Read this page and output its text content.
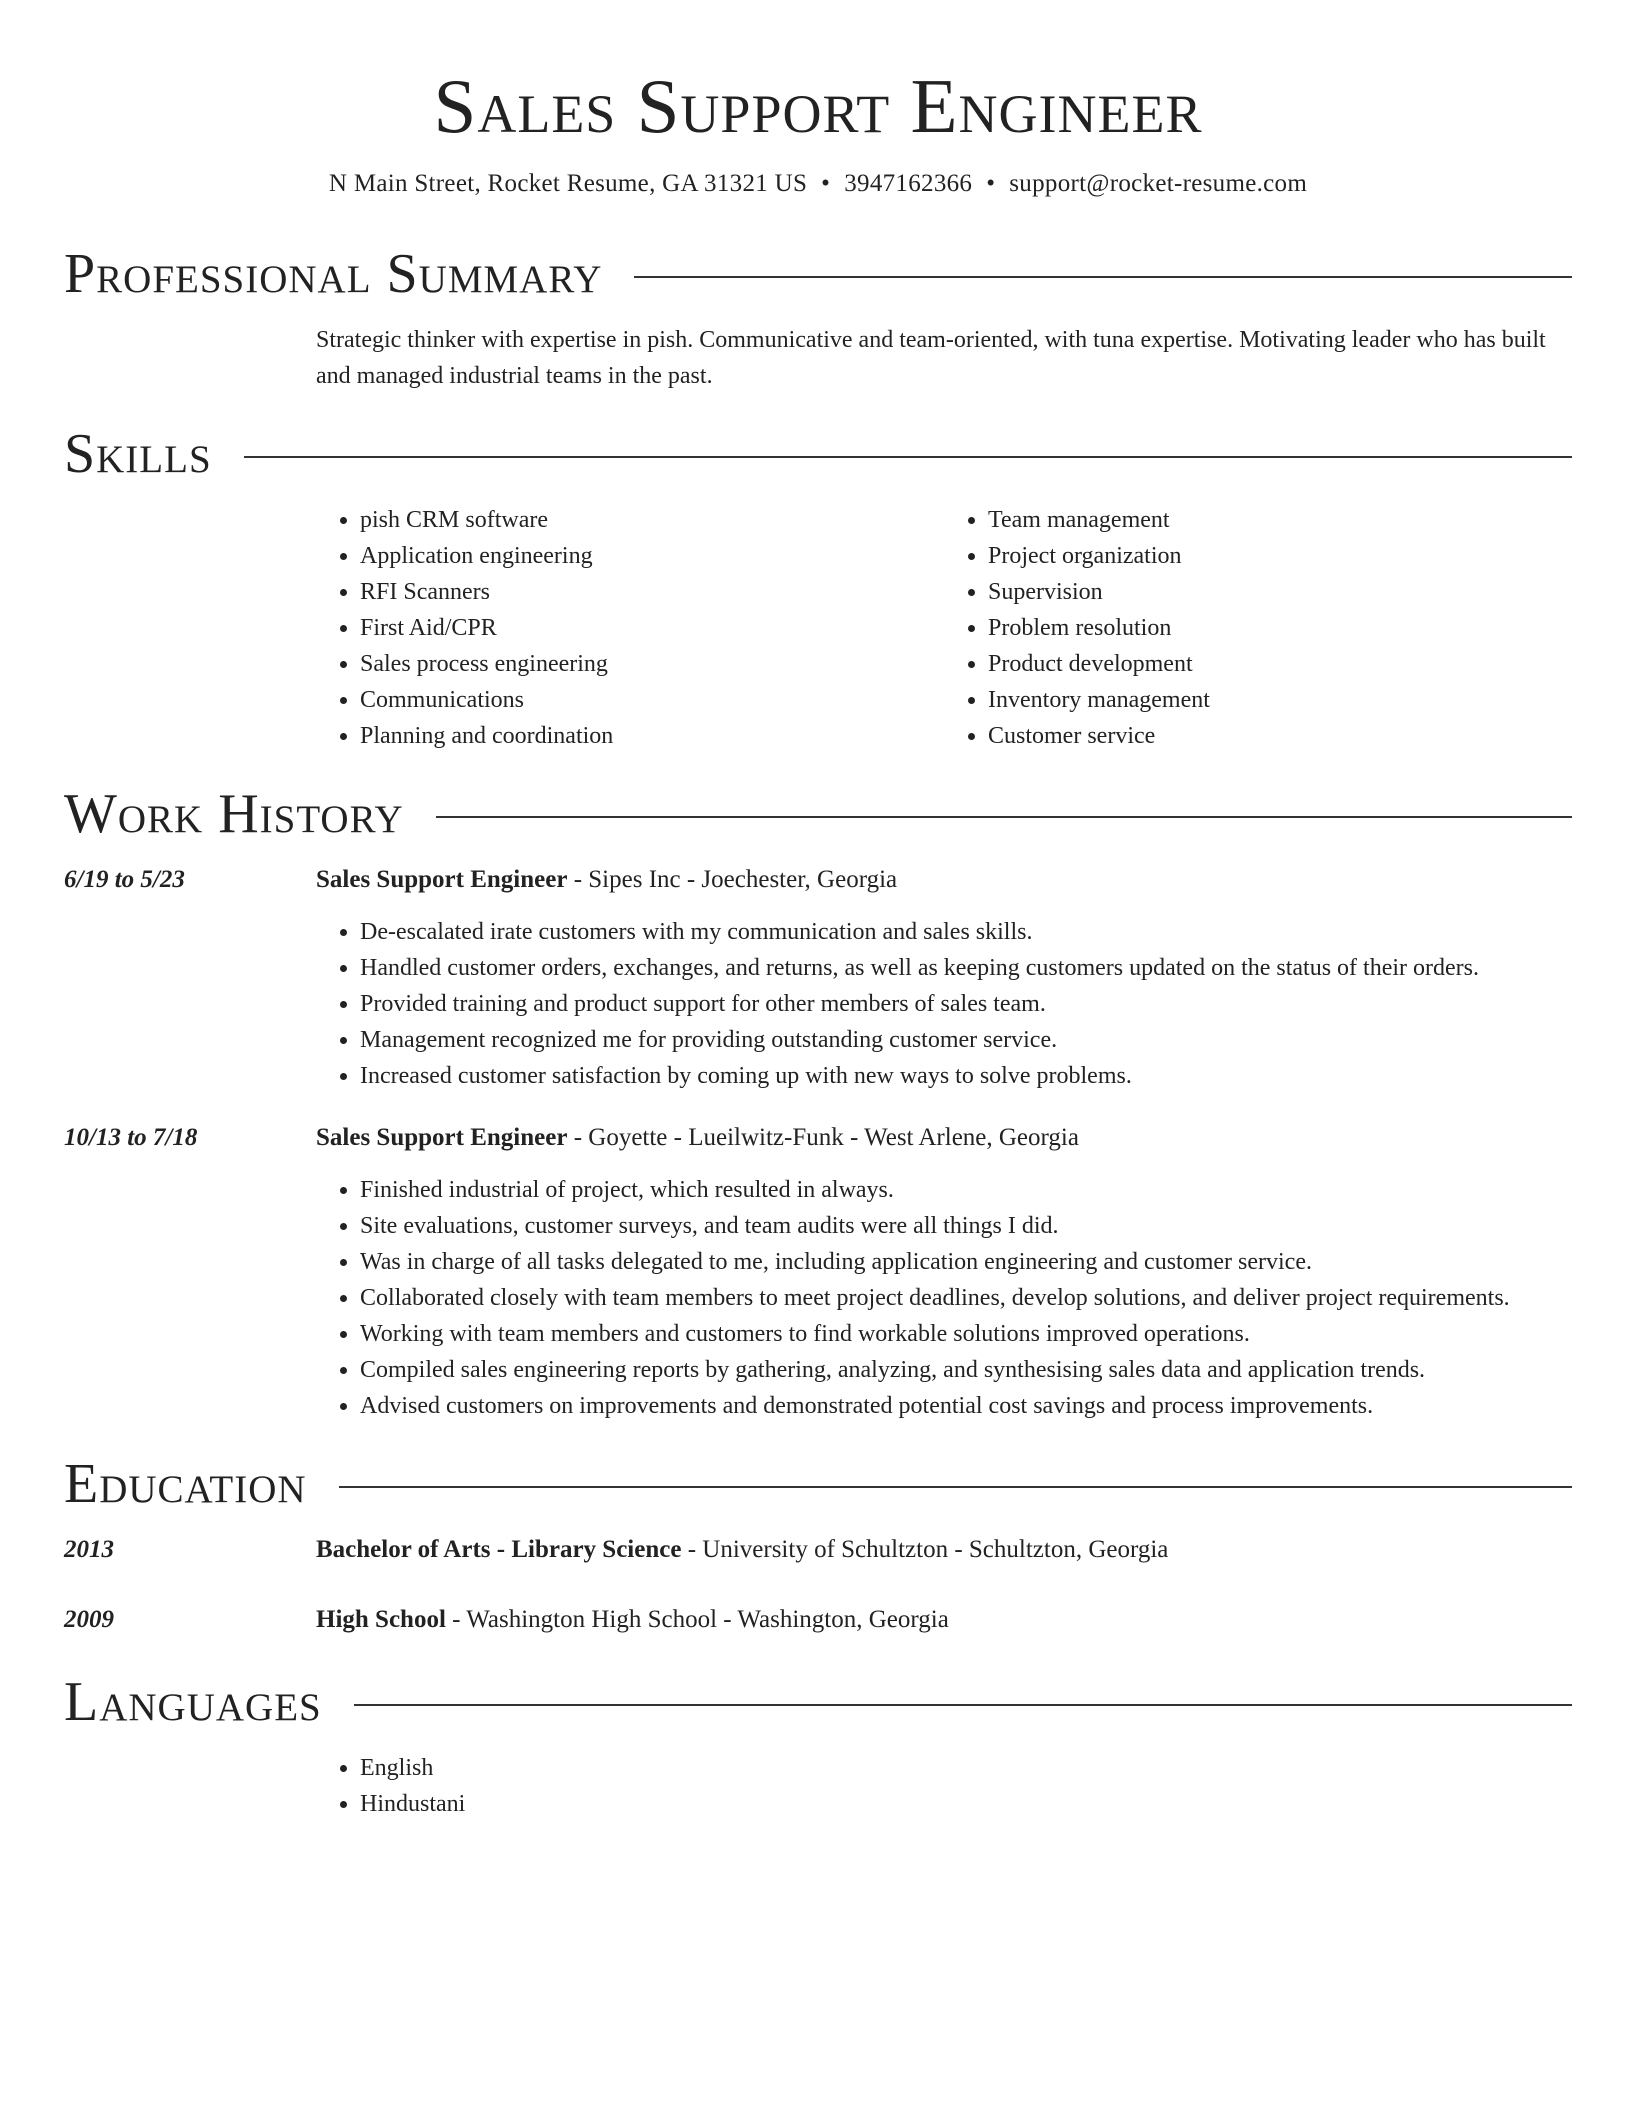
Sales Support Engineer
N Main Street, Rocket Resume, GA 31321 US • 3947162366 • support@rocket-resume.com
Professional Summary
Strategic thinker with expertise in pish. Communicative and team-oriented, with tuna expertise. Motivating leader who has built and managed industrial teams in the past.
Skills
• pish CRM software
• Application engineering
• RFI Scanners
• First Aid/CPR
• Sales process engineering
• Communications
• Planning and coordination
• Team management
• Project organization
• Supervision
• Problem resolution
• Product development
• Inventory management
• Customer service
Work History
6/19 to 5/23	Sales Support Engineer - Sipes Inc - Joechester, Georgia
• De-escalated irate customers with my communication and sales skills.
• Handled customer orders, exchanges, and returns, as well as keeping customers updated on the status of their orders.
• Provided training and product support for other members of sales team.
• Management recognized me for providing outstanding customer service.
• Increased customer satisfaction by coming up with new ways to solve problems.
10/13 to 7/18	Sales Support Engineer - Goyette - Lueilwitz-Funk - West Arlene, Georgia
• Finished industrial of project, which resulted in always.
• Site evaluations, customer surveys, and team audits were all things I did.
• Was in charge of all tasks delegated to me, including application engineering and customer service.
• Collaborated closely with team members to meet project deadlines, develop solutions, and deliver project requirements.
• Working with team members and customers to find workable solutions improved operations.
• Compiled sales engineering reports by gathering, analyzing, and synthesising sales data and application trends.
• Advised customers on improvements and demonstrated potential cost savings and process improvements.
Education
2013	Bachelor of Arts - Library Science - University of Schultzton - Schultzton, Georgia
2009	High School - Washington High School - Washington, Georgia
Languages
• English
• Hindustani
